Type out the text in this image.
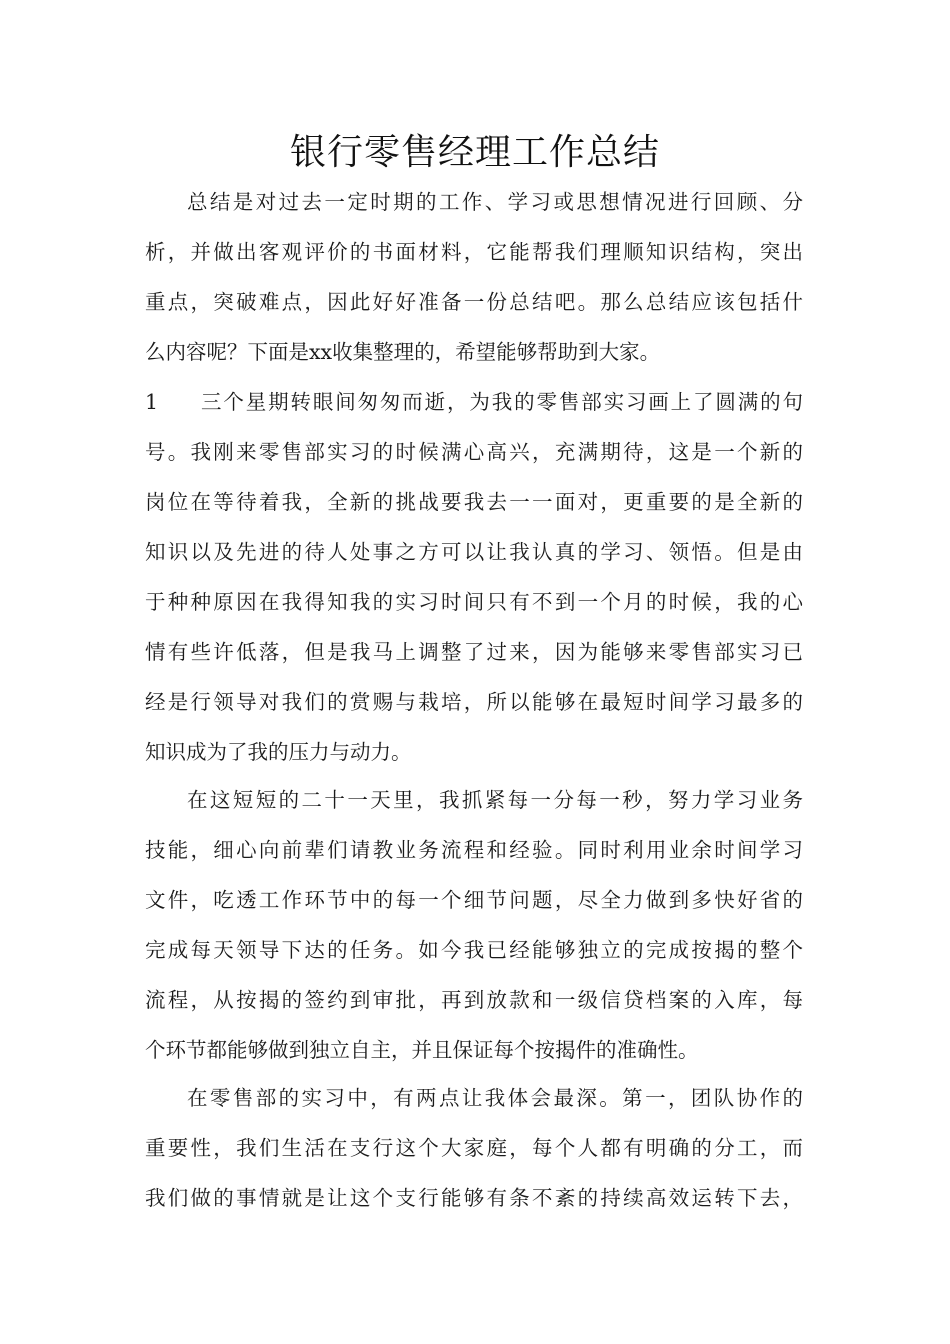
银行零售经理工作总结
总结是对过去一定时期的工作、学习或思想情况进行回顾、分
析，并做出客观评价的书面材料，它能帮我们理顺知识结构，突出
重点，突破难点，因此好好准备一份总结吧。那么总结应该包括什
么内容呢？下面是xx收集整理的，希望能够帮助到大家。
1 三个星期转眼间匆匆而逝，为我的零售部实习画上了圆满的句
号。我刚来零售部实习的时候满心高兴，充满期待，这是一个新的
岗位在等待着我，全新的挑战要我去一一面对，更重要的是全新的
知识以及先进的待人处事之方可以让我认真的学习、领悟。但是由
于种种原因在我得知我的实习时间只有不到一个月的时候，我的心
情有些许低落，但是我马上调整了过来，因为能够来零售部实习已
经是行领导对我们的赏赐与栽培，所以能够在最短时间学习最多的
知识成为了我的压力与动力。
在这短短的二十一天里，我抓紧每一分每一秒，努力学习业务
技能，细心向前辈们请教业务流程和经验。同时利用业余时间学习
文件，吃透工作环节中的每一个细节问题，尽全力做到多快好省的
完成每天领导下达的任务。如今我已经能够独立的完成按揭的整个
流程，从按揭的签约到审批，再到放款和一级信贷档案的入库，每
个环节都能够做到独立自主，并且保证每个按揭件的准确性。
在零售部的实习中，有两点让我体会最深。第一，团队协作的
重要性，我们生活在支行这个大家庭，每个人都有明确的分工，而
我们做的事情就是让这个支行能够有条不紊的持续高效运转下去，
